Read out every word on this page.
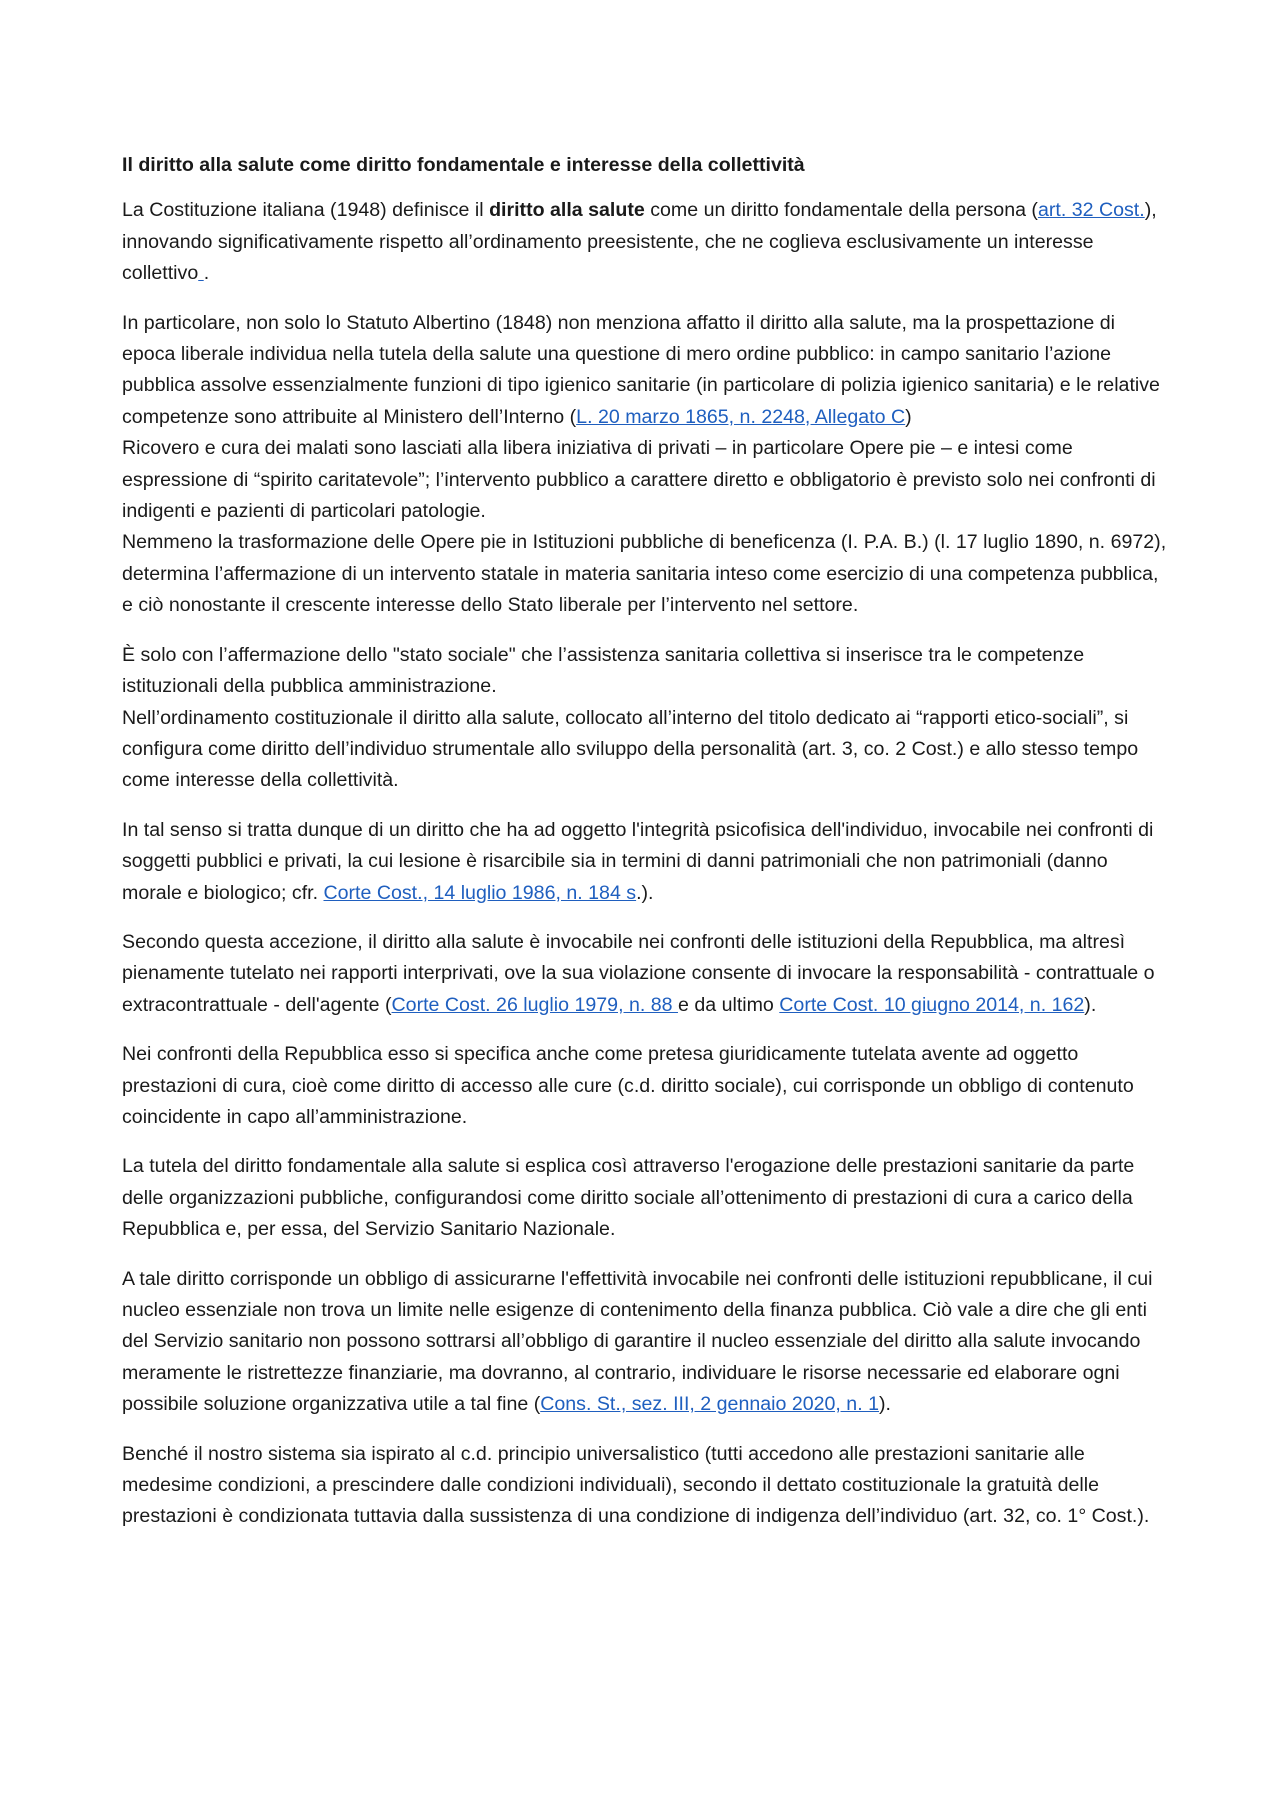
Il diritto alla salute come diritto fondamentale e interesse della collettività

La Costituzione italiana (1948) definisce il diritto alla salute come un diritto fondamentale della persona (art. 32 Cost.), innovando significativamente rispetto all’ordinamento preesistente, che ne coglieva esclusivamente un interesse collettivo .

In particolare, non solo lo Statuto Albertino (1848) non menziona affatto il diritto alla salute, ma la prospettazione di epoca liberale individua nella tutela della salute una questione di mero ordine pubblico: in campo sanitario l’azione pubblica assolve essenzialmente funzioni di tipo igienico sanitarie (in particolare di polizia igienico sanitaria) e le relative competenze sono attribuite al Ministero dell’Interno (L. 20 marzo 1865, n. 2248, Allegato C)

Ricovero e cura dei malati sono lasciati alla libera iniziativa di privati – in particolare Opere pie – e intesi come espressione di “spirito caritatevole”; l’intervento pubblico a carattere diretto e obbligatorio è previsto solo nei confronti di indigenti e pazienti di particolari patologie.

Nemmeno la trasformazione delle Opere pie in Istituzioni pubbliche di beneficenza (I. P.A. B.) (l. 17 luglio 1890, n. 6972), determina l’affermazione di un intervento statale in materia sanitaria inteso come esercizio di una competenza pubblica, e ciò nonostante il crescente interesse dello Stato liberale per l’intervento nel settore.

È solo con l’affermazione dello "stato sociale" che l’assistenza sanitaria collettiva si inserisce tra le competenze istituzionali della pubblica amministrazione.

Nell’ordinamento costituzionale il diritto alla salute, collocato all’interno del titolo dedicato ai “rapporti etico-sociali”, si configura come diritto dell’individuo strumentale allo sviluppo della personalità (art. 3, co. 2 Cost.) e allo stesso tempo come interesse della collettività.

In tal senso si tratta dunque di un diritto che ha ad oggetto l'integrità psicofisica dell'individuo, invocabile nei confronti di soggetti pubblici e privati, la cui lesione è risarcibile sia in termini di danni patrimoniali che non patrimoniali (danno morale e biologico; cfr. Corte Cost., 14 luglio 1986, n. 184 s.).

Secondo questa accezione, il diritto alla salute è invocabile nei confronti delle istituzioni della Repubblica, ma altresì pienamente tutelato nei rapporti interprivati, ove la sua violazione consente di invocare la responsabilità - contrattuale o extracontrattuale - dell'agente (Corte Cost. 26 luglio 1979, n. 88 e da ultimo Corte Cost. 10 giugno 2014, n. 162).

Nei confronti della Repubblica esso si specifica anche come pretesa giuridicamente tutelata avente ad oggetto prestazioni di cura, cioè come diritto di accesso alle cure (c.d. diritto sociale), cui corrisponde un obbligo di contenuto coincidente in capo all’amministrazione.

La tutela del diritto fondamentale alla salute si esplica così attraverso l'erogazione delle prestazioni sanitarie da parte delle organizzazioni pubbliche, configurandosi come diritto sociale all’ottenimento di prestazioni di cura a carico della Repubblica e, per essa, del Servizio Sanitario Nazionale.

A tale diritto corrisponde un obbligo di assicurarne l'effettività invocabile nei confronti delle istituzioni repubblicane, il cui nucleo essenziale non trova un limite nelle esigenze di contenimento della finanza pubblica. Ciò vale a dire che gli enti del Servizio sanitario non possono sottrarsi all’obbligo di garantire il nucleo essenziale del diritto alla salute invocando meramente le ristrettezze finanziarie, ma dovranno, al contrario, individuare le risorse necessarie ed elaborare ogni possibile soluzione organizzativa utile a tal fine (Cons. St., sez. III, 2 gennaio 2020, n. 1).

Benché il nostro sistema sia ispirato al c.d. principio universalistico (tutti accedono alle prestazioni sanitarie alle medesime condizioni, a prescindere dalle condizioni individuali), secondo il dettato costituzionale la gratuità delle prestazioni è condizionata tuttavia dalla sussistenza di una condizione di indigenza dell’individuo (art. 32, co. 1° Cost.).
